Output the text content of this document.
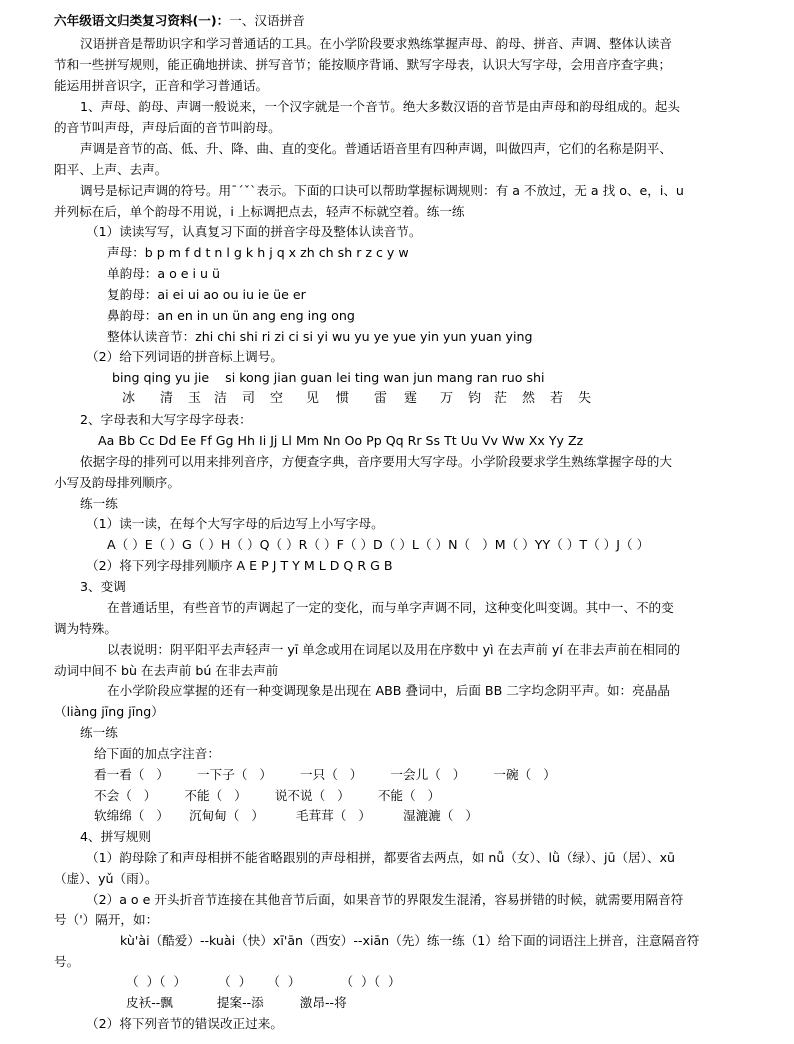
六年级语文归类复习资料(一)：一、汉语拼音
汉语拼音是帮助识字和学习普通话的工具。在小学阶段要求熟练掌握声母、韵母、拼音、声调、整体认读音
节和一些拼写规则，能正确地拼读、拼写音节；能按顺序背诵、默写字母表，认识大写字母，会用音序查字典；
能运用拼音识字，正音和学习普通话。
1、声母、韵母、声调一般说来，一个汉字就是一个音节。绝大多数汉语的音节是由声母和韵母组成的。起头
的音节叫声母，声母后面的音节叫韵母。
声调是音节的高、低、升、降、曲、直的变化。普通话语音里有四种声调，叫做四声，它们的名称是阴平、
阳平、上声、去声。
调号是标记声调的符号。用¯ˊˇˋ表示。下面的口诀可以帮助掌握标调规则：有 a 不放过，无 a 找 o、e，i、u
并列标在后，单个韵母不用说，i 上标调把点去，轻声不标就空着。练一练
（1）读读写写，认真复习下面的拼音字母及整体认读音节。
声母：b p m f d t n l g k h j q x zh ch sh r z c y w
单韵母：a o e i u ü
复韵母：ai ei ui ao ou iu ie üe er
鼻韵母：an en in un ün ang eng ing ong
整体认读音节：zhi chi shi ri zi ci si yi wu yu ye yue yin yun yuan ying
（2）给下列词语的拼音标上调号。
bing qing yu jie    si kong jian guan lei ting wan jun mang ran ruo shi
冰 清 玉 洁 司 空 见 惯 雷 霆 万 钧 茫 然 若 失
2、字母表和大写字母字母表：
Aa Bb Cc Dd Ee Ff Gg Hh Ii Jj Ll Mm Nn Oo Pp Qq Rr Ss Tt Uu Vv Ww Xx Yy Zz
依据字母的排列可以用来排列音序，方便查字典，音序要用大写字母。小学阶段要求学生熟练掌握字母的大
小写及韵母排列顺序。
练一练
（1）读一读，在每个大写字母的后边写上小写字母。
A（ ）E（ ）G（ ）H（ ）Q（ ）R（ ）F（ ）D（ ）L（ ）N（   ）M（ ）YY（ ）T（ ）J（ ）
（2）将下列字母排列顺序 A E P J T Y M L D Q R G B
3、变调
在普通话里，有些音节的声调起了一定的变化，而与单字声调不同，这种变化叫变调。其中一、不的变
调为特殊。
以表说明：阴平阳平去声轻声一 yī 单念或用在词尾以及用在序数中 yì 在去声前 yí 在非去声前在相同的
动词中间不 bù 在去声前 bú 在非去声前
在小学阶段应掌握的还有一种变调现象是出现在 ABB 叠词中，后面 BB 二字均念阴平声。如：亮晶晶
（liàng jīng jīng）
练一练
给下面的加点字注音：
看一看（   ）       一下子（   ）       一只（   ）       一会儿（   ）       一碗（   ）
不会（   ）       不能（   ）       说不说（   ）       不能（   ）
软绵绵（   ）     沉甸甸（   ）        毛茸茸（   ）        湿漉漉（   ）
4、拼写规则
（1）韵母除了和声母相拼不能省略跟别的声母相拼，都要省去两点，如 nǚ（女）、lǜ（绿）、jū（居）、xū
（虚）、yǔ（雨）。
（2）a o e 开头折音节连接在其他音节后面，如果音节的界限发生混淆，容易拼错的时候，就需要用隔音符
号（'）隔开，如：
kù'ài（酷爱）--kuài（快）xī'ān（西安）--xiān（先）练一练（1）给下面的词语注上拼音，注意隔音符
号。
（  ）（  ）        （  ）    （  ）          （  ）（  ）
皮袄--飘           提案--添         激昂--将
（2）将下列音节的错误改正过来。
